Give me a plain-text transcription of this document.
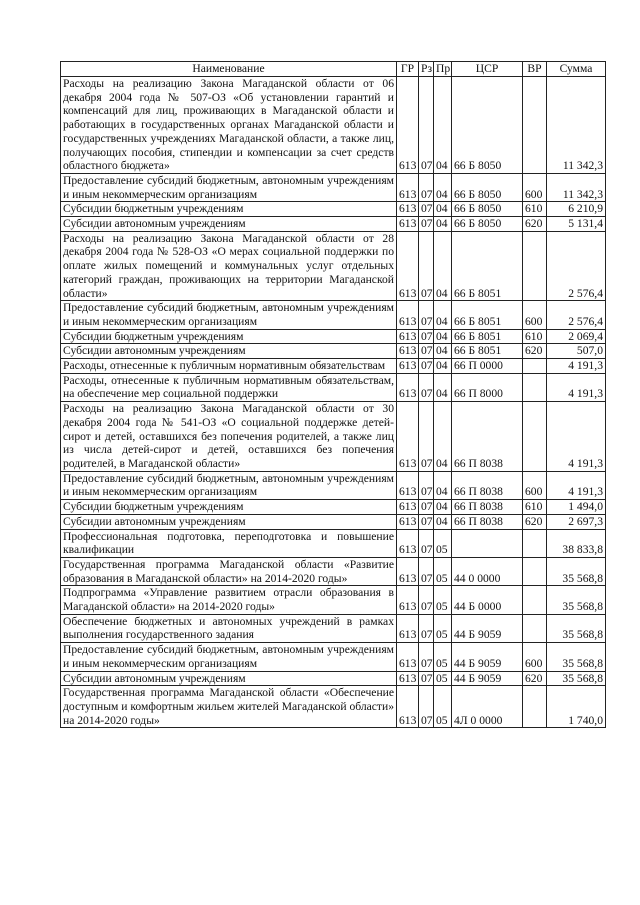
Наименование	ГР	Рз	Пр	ЦСР	ВР	Сумма
Расходы на реализацию Закона Магаданской области от 06 декабря 2004 года № 507-ОЗ «Об установлении гарантий и компенсаций для лиц, проживающих в Магаданской области и работающих в государственных органах Магаданской области и государственных учреждениях Магаданской области, а также лиц, получающих пособия, стипендии и компенсации за счет средств областного бюджета»	613	07	04	66 Б 8050		11 342,3
Предоставление субсидий бюджетным, автономным учреждениям и иным некоммерческим организациям	613	07	04	66 Б 8050	600	11 342,3
Субсидии бюджетным учреждениям	613	07	04	66 Б 8050	610	6 210,9
Субсидии автономным учреждениям	613	07	04	66 Б 8050	620	5 131,4
Расходы на реализацию Закона Магаданской области от 28 декабря 2004 года № 528-ОЗ «О мерах социальной поддержки по оплате жилых помещений и коммунальных услуг отдельных категорий граждан, проживающих на территории Магаданской области»	613	07	04	66 Б 8051		2 576,4
Предоставление субсидий бюджетным, автономным учреждениям и иным некоммерческим организациям	613	07	04	66 Б 8051	600	2 576,4
Субсидии бюджетным учреждениям	613	07	04	66 Б 8051	610	2 069,4
Субсидии автономным учреждениям	613	07	04	66 Б 8051	620	507,0
Расходы, отнесенные к публичным нормативным обязательствам	613	07	04	66 П 0000		4 191,3
Расходы, отнесенные к публичным нормативным обязательствам, на обеспечение мер социальной поддержки	613	07	04	66 П 8000		4 191,3
Расходы на реализацию Закона Магаданской области от 30 декабря 2004 года № 541-ОЗ «О социальной поддержке детей-сирот и детей, оставшихся без попечения родителей, а также лиц из числа детей-сирот и детей, оставшихся без попечения родителей, в Магаданской области»	613	07	04	66 П 8038		4 191,3
Предоставление субсидий бюджетным, автономным учреждениям и иным некоммерческим организациям	613	07	04	66 П 8038	600	4 191,3
Субсидии бюджетным учреждениям	613	07	04	66 П 8038	610	1 494,0
Субсидии автономным учреждениям	613	07	04	66 П 8038	620	2 697,3
Профессиональная подготовка, переподготовка и повышение квалификации	613	07	05			38 833,8
Государственная программа Магаданской области «Развитие образования в Магаданской области» на 2014-2020 годы»	613	07	05	44 0 0000		35 568,8
Подпрограмма «Управление развитием отрасли образования в Магаданской области» на 2014-2020 годы»	613	07	05	44 Б 0000		35 568,8
Обеспечение бюджетных и автономных учреждений в рамках выполнения государственного задания	613	07	05	44 Б 9059		35 568,8
Предоставление субсидий бюджетным, автономным учреждениям и иным некоммерческим организациям	613	07	05	44 Б 9059	600	35 568,8
Субсидии автономным учреждениям	613	07	05	44 Б 9059	620	35 568,8
Государственная программа Магаданской области «Обеспечение доступным и комфортным жильем жителей Магаданской области» на 2014-2020 годы»	613	07	05	4Л 0 0000		1 740,0
